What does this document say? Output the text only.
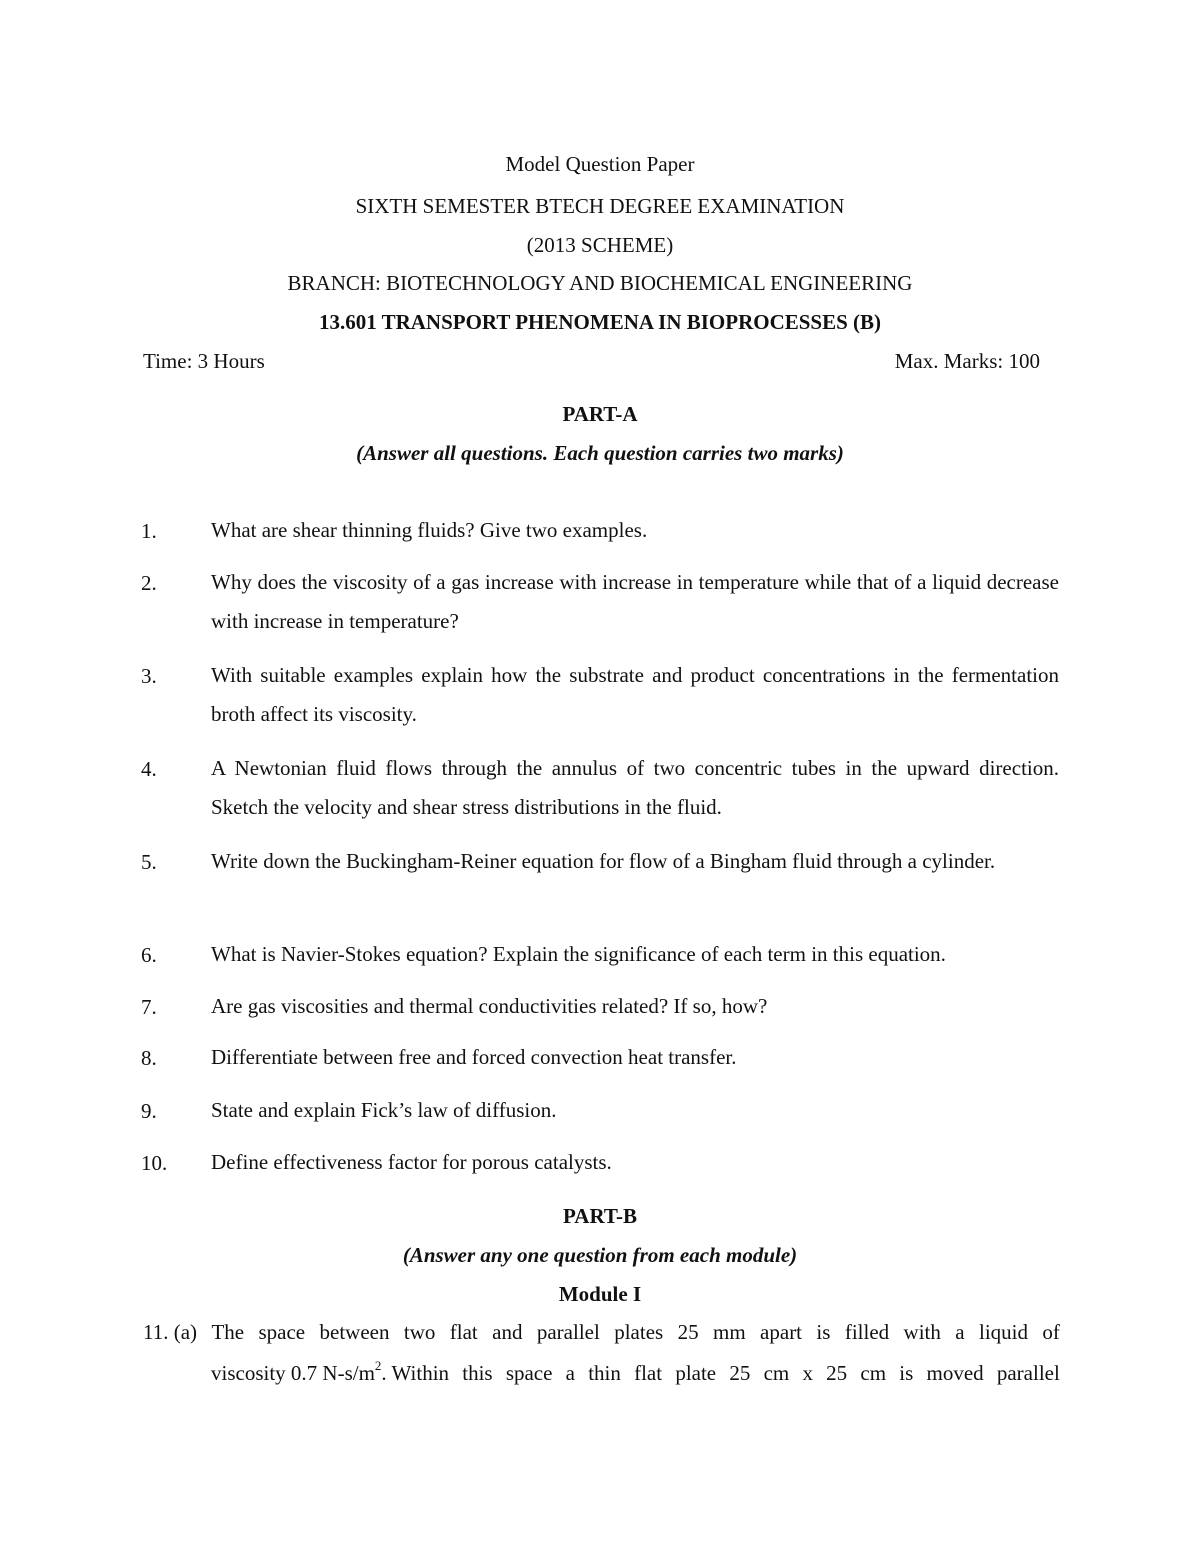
Model Question Paper
SIXTH SEMESTER BTECH DEGREE EXAMINATION
(2013 SCHEME)
BRANCH: BIOTECHNOLOGY AND BIOCHEMICAL ENGINEERING
13.601 TRANSPORT PHENOMENA IN BIOPROCESSES (B)
Time: 3 Hours	Max. Marks: 100
PART-A
(Answer all questions. Each question carries two marks)
1.	What are shear thinning fluids? Give two examples.
2.	Why does the viscosity of a gas increase with increase in temperature while that of a liquid decrease with increase in temperature?
3.	With suitable examples explain how the substrate and product concentrations in the fermentation broth affect its viscosity.
4.	A Newtonian fluid flows through the annulus of two concentric tubes in the upward direction. Sketch the velocity and shear stress distributions in the fluid.
5.	Write down the Buckingham-Reiner equation for flow of a Bingham fluid through a cylinder.
6.	What is Navier-Stokes equation? Explain the significance of each term in this equation.
7.	Are gas viscosities and thermal conductivities related? If so, how?
8.	Differentiate between free and forced convection heat transfer.
9.	State and explain Fick’s law of diffusion.
10. Define effectiveness factor for porous catalysts.
PART-B
(Answer any one question from each module)
Module I
11. (a) The space between two flat and parallel plates 25 mm apart is filled with a liquid of
viscosity 0.7 $N-s/m^2$. Within this space a thin flat plate 25 cm x 25 cm is moved parallel
